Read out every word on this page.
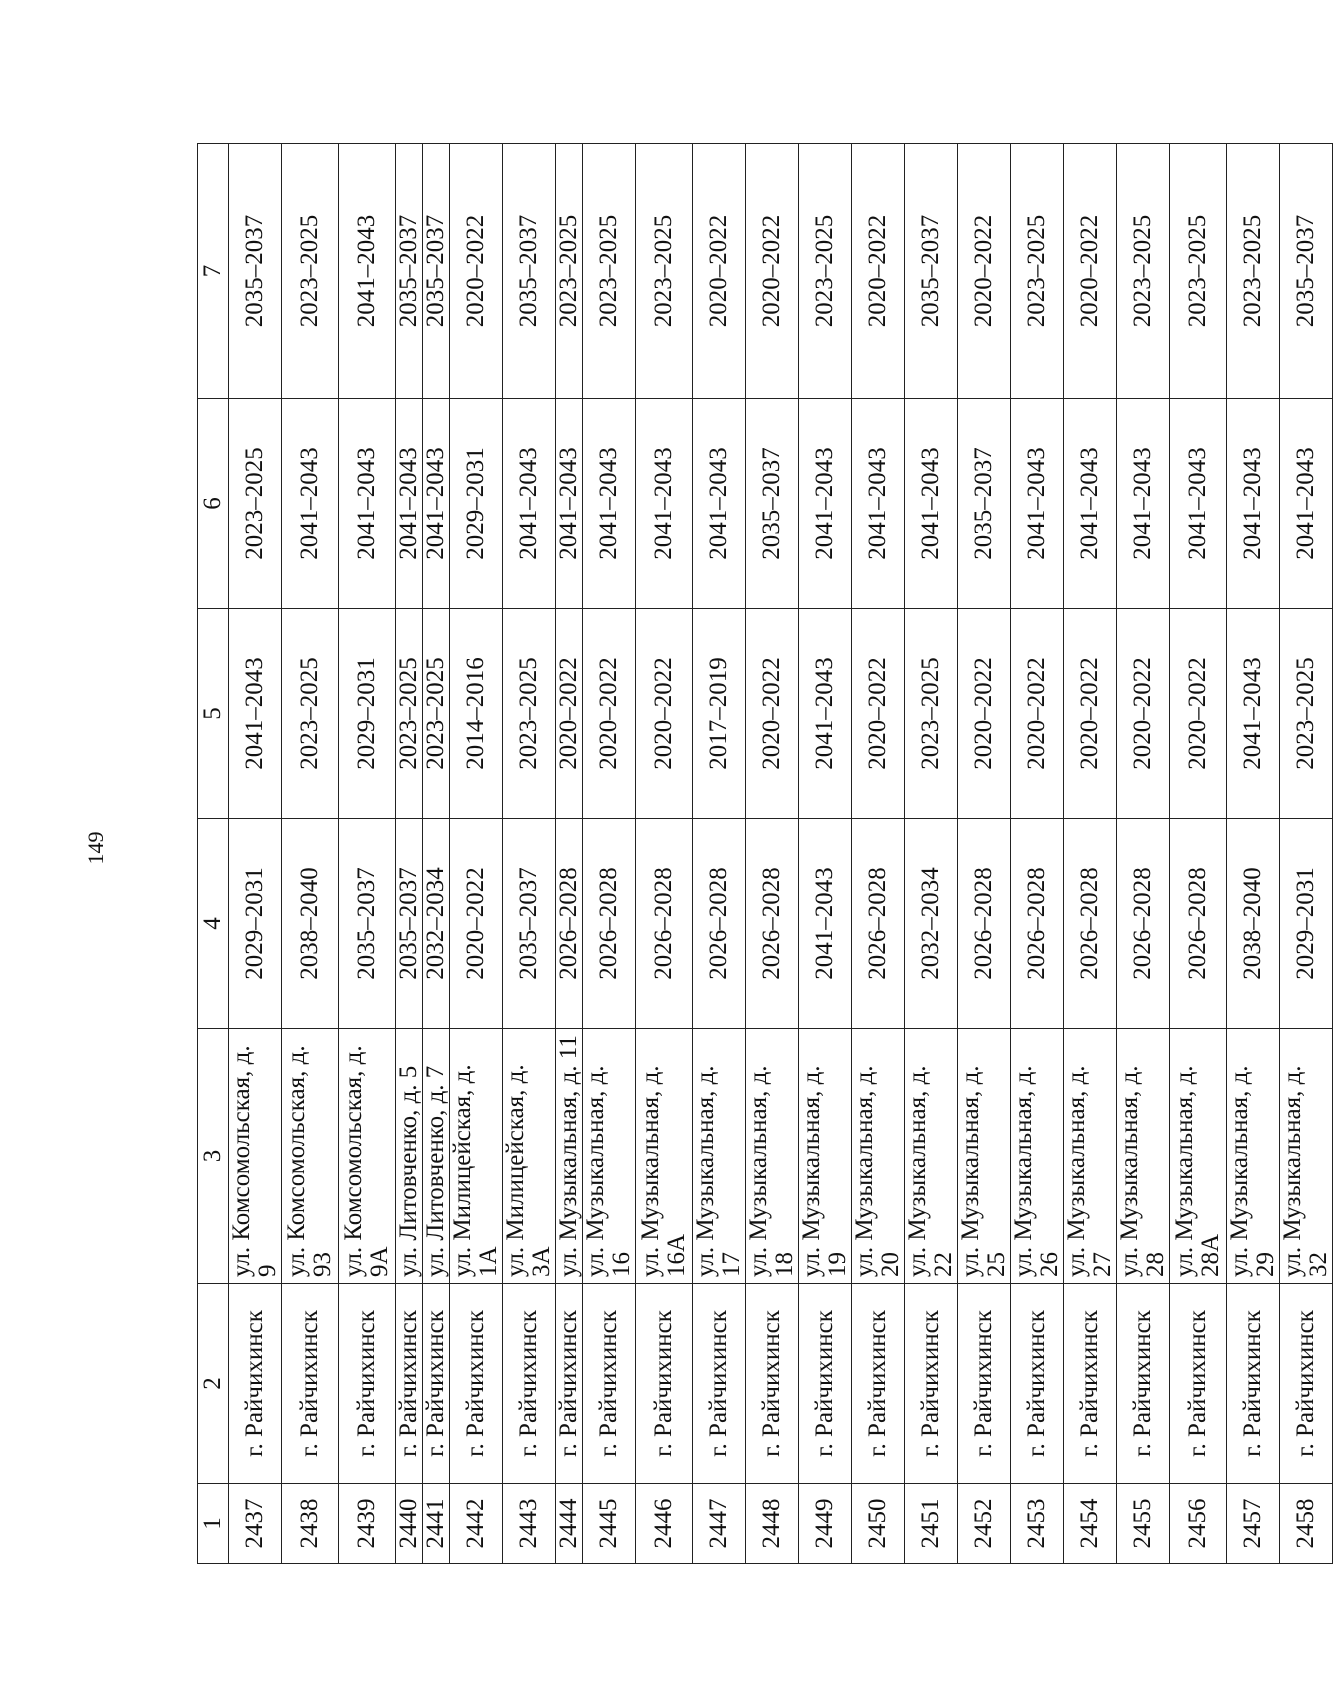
149
1	2	3	4	5	6	7
2437	г. Райчихинск	ул. Комсомольская, д. 9	2029–2031	2041–2043	2023–2025	2035–2037
2438	г. Райчихинск	ул. Комсомольская, д. 93	2038–2040	2023–2025	2041–2043	2023–2025
2439	г. Райчихинск	ул. Комсомольская, д. 9А	2035–2037	2029–2031	2041–2043	2041–2043
2440	г. Райчихинск	ул. Литовченко, д. 5	2035–2037	2023–2025	2041–2043	2035–2037
2441	г. Райчихинск	ул. Литовченко, д. 7	2032–2034	2023–2025	2041–2043	2035–2037
2442	г. Райчихинск	ул. Милицейская, д. 1А	2020–2022	2014–2016	2029–2031	2020–2022
2443	г. Райчихинск	ул. Милицейская, д. 3А	2035–2037	2023–2025	2041–2043	2035–2037
2444	г. Райчихинск	ул. Музыкальная, д. 11	2026–2028	2020–2022	2041–2043	2023–2025
2445	г. Райчихинск	ул. Музыкальная, д. 16	2026–2028	2020–2022	2041–2043	2023–2025
2446	г. Райчихинск	ул. Музыкальная, д. 16А	2026–2028	2020–2022	2041–2043	2023–2025
2447	г. Райчихинск	ул. Музыкальная, д. 17	2026–2028	2017–2019	2041–2043	2020–2022
2448	г. Райчихинск	ул. Музыкальная, д. 18	2026–2028	2020–2022	2035–2037	2020–2022
2449	г. Райчихинск	ул. Музыкальная, д. 19	2041–2043	2041–2043	2041–2043	2023–2025
2450	г. Райчихинск	ул. Музыкальная, д. 20	2026–2028	2020–2022	2041–2043	2020–2022
2451	г. Райчихинск	ул. Музыкальная, д. 22	2032–2034	2023–2025	2041–2043	2035–2037
2452	г. Райчихинск	ул. Музыкальная, д. 25	2026–2028	2020–2022	2035–2037	2020–2022
2453	г. Райчихинск	ул. Музыкальная, д. 26	2026–2028	2020–2022	2041–2043	2023–2025
2454	г. Райчихинск	ул. Музыкальная, д. 27	2026–2028	2020–2022	2041–2043	2020–2022
2455	г. Райчихинск	ул. Музыкальная, д. 28	2026–2028	2020–2022	2041–2043	2023–2025
2456	г. Райчихинск	ул. Музыкальная, д. 28А	2026–2028	2020–2022	2041–2043	2023–2025
2457	г. Райчихинск	ул. Музыкальная, д. 29	2038–2040	2041–2043	2041–2043	2023–2025
2458	г. Райчихинск	ул. Музыкальная, д. 32	2029–2031	2023–2025	2041–2043	2035–2037
